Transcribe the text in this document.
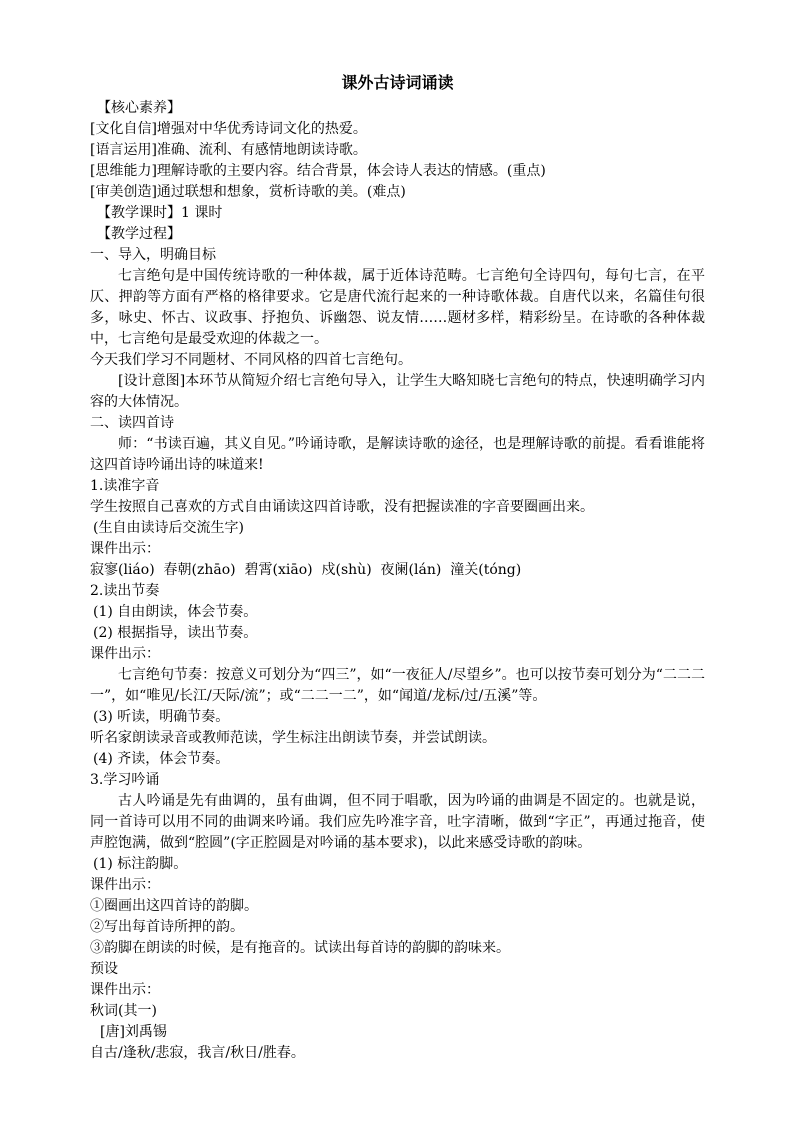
课外古诗词诵读

【核心素养】

[文化自信]增强对中华优秀诗词文化的热爱。

[语言运用]准确、流利、有感情地朗读诗歌。

[思维能力]理解诗歌的主要内容。结合背景，体会诗人表达的情感。(重点)

[审美创造]通过联想和想象，赏析诗歌的美。(难点)

【教学课时】1 课时

【教学过程】

一、导入，明确目标

七言绝句是中国传统诗歌的一种体裁，属于近体诗范畴。七言绝句全诗四句，每句七言，在平仄、押韵等方面有严格的格律要求。它是唐代流行起来的一种诗歌体裁。自唐代以来，名篇佳句很多，咏史、怀古、议政事、抒抱负、诉幽怨、说友情……题材多样，精彩纷呈。在诗歌的各种体裁中，七言绝句是最受欢迎的体裁之一。

今天我们学习不同题材、不同风格的四首七言绝句。

[设计意图]本环节从简短介绍七言绝句导入，让学生大略知晓七言绝句的特点，快速明确学习内容的大体情况。

二、读四首诗

师：“书读百遍，其义自见。”吟诵诗歌，是解读诗歌的途径，也是理解诗歌的前提。看看谁能将这四首诗吟诵出诗的味道来!

1.读准字音

学生按照自己喜欢的方式自由诵读这四首诗歌，没有把握读准的字音要圈画出来。

(生自由读诗后交流生字)

课件出示：

寂寥(liáo)  春朝(zhāo)  碧霄(xiāo)  戍(shù)  夜阑(lán)  潼关(tóng)

2.读出节奏

(1) 自由朗读，体会节奏。

(2) 根据指导，读出节奏。

课件出示：

七言绝句节奏：按意义可划分为“四三”，如“一夜征人/尽望乡”。也可以按节奏可划分为“二二二一”，如“唯见/长江/天际/流”；或“二二一二”，如“闻道/龙标/过/五溪”等。

(3) 听读，明确节奏。

听名家朗读录音或教师范读，学生标注出朗读节奏，并尝试朗读。

(4) 齐读，体会节奏。

3.学习吟诵

古人吟诵是先有曲调的，虽有曲调，但不同于唱歌，因为吟诵的曲调是不固定的。也就是说，同一首诗可以用不同的曲调来吟诵。我们应先吟准字音，吐字清晰，做到“字正”，再通过拖音，使声腔饱满，做到“腔圆”(字正腔圆是对吟诵的基本要求)，以此来感受诗歌的韵味。

(1) 标注韵脚。

课件出示：

①圈画出这四首诗的韵脚。

②写出每首诗所押的韵。

③韵脚在朗读的时候，是有拖音的。试读出每首诗的韵脚的韵味来。

预设

课件出示：

秋词(其一)

[唐]刘禹锡

自古/逢秋/悲寂，我言/秋日/胜春。
